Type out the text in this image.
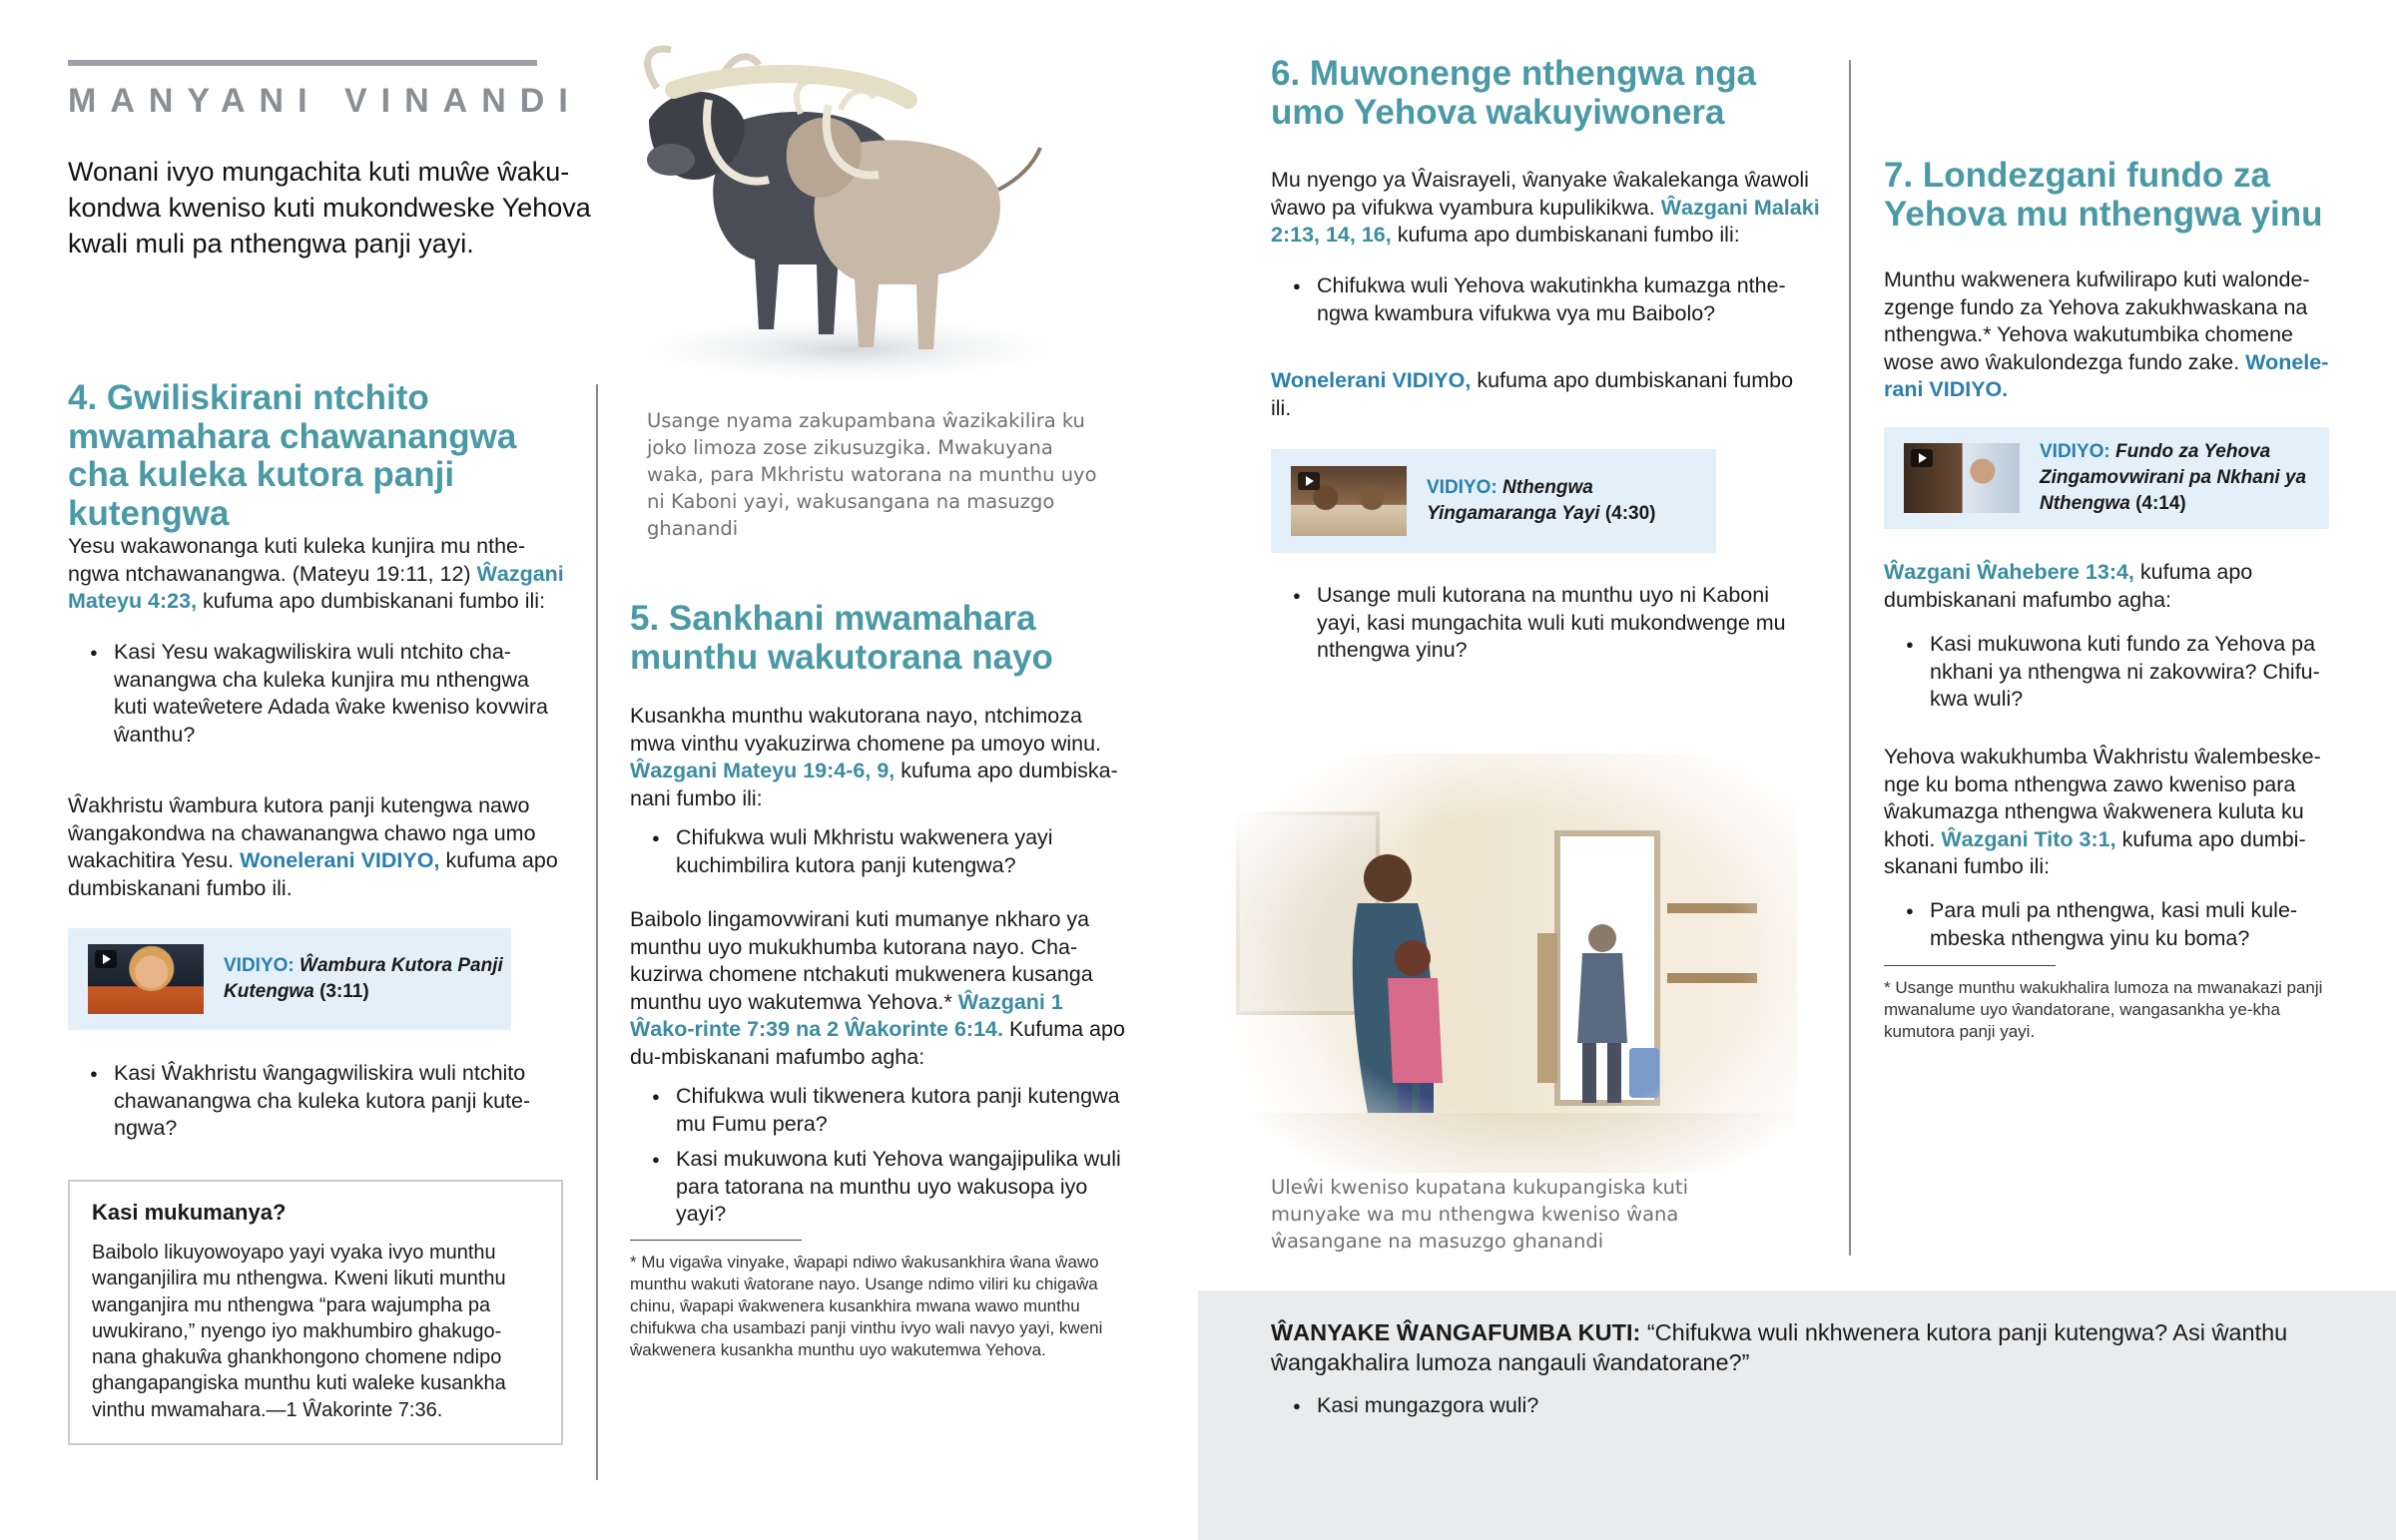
MANYANI VINANDI
Wonani ivyo mungachita kuti muŵe ŵaku-kondwa kweniso kuti mukondweske Yehova kwali muli pa nthengwa panji yayi.
4. Gwiliskirani ntchito mwamahara chawanangwa cha kuleka kutora panji kutengwa
Yesu wakawonanga kuti kuleka kunjira mu nthe-ngwa ntchawanangwa. (Mateyu 19:11, 12) Ŵazgani Mateyu 4:23, kufuma apo dumbiskanani fumbo ili:
● Kasi Yesu wakagwiliskira wuli ntchito cha-wanangwa cha kuleka kunjira mu nthengwa kuti wateŵetere Adada ŵake kweniso kovwira ŵanthu?
Ŵakhristu ŵambura kutora panji kutengwa nawo ŵangakondwa na chawanangwa chawo nga umo wakachitira Yesu. Wonelerani VIDIYO, kufuma apo dumbiskanani fumbo ili.
VIDIYO: Ŵambura Kutora Panji Kutengwa (3:11)
● Kasi Ŵakhristu ŵangagwiliskira wuli ntchito chawanangwa cha kuleka kutora panji kute-ngwa?
Kasi mukumanya?
Baibolo likuyowoyapo yayi vyaka ivyo munthu wanganjilira mu nthengwa. Kweni likuti munthu wanganjira mu nthengwa “para wajumpha pa uwukirano,” nyengo iyo makhumbiro ghakugo-nana ghakuŵa ghankhongono chomene ndipo ghangapangiska munthu kuti waleke kusankha vinthu mwamahara.—1 Ŵakorinte 7:36.
Usange nyama zakupambana ŵazikakilira ku joko limoza zose zikusuzgika. Mwakuyana waka, para Mkhristu watorana na munthu uyo ni Kaboni yayi, wakusangana na masuzgo ghanandi
5. Sankhani mwamahara munthu wakutorana nayo
Kusankha munthu wakutorana nayo, ntchimoza mwa vinthu vyakuzirwa chomene pa umoyo winu. Ŵazgani Mateyu 19:4-6, 9, kufuma apo dumbiska-nani fumbo ili:
● Chifukwa wuli Mkhristu wakwenera yayi kuchimbilira kutora panji kutengwa?
Baibolo lingamovwirani kuti mumanye nkharo ya munthu uyo mukukhumba kutorana nayo. Cha-kuzirwa chomene ntchakuti mukwenera kusanga munthu uyo wakutemwa Yehova.* Ŵazgani 1 Ŵako-rinte 7:39 na 2 Ŵakorinte 6:14. Kufuma apo du-mbiskanani mafumbo agha:
● Chifukwa wuli tikwenera kutora panji kutengwa mu Fumu pera?
● Kasi mukuwona kuti Yehova wangajipulika wuli para tatorana na munthu uyo wakusopa iyo yayi?
* Mu vigaŵa vinyake, ŵapapi ndiwo ŵakusankhira ŵana ŵawo munthu wakuti ŵatorane nayo. Usange ndimo viliri ku chigaŵa chinu, ŵapapi ŵakwenera kusankhira mwana wawo munthu chifukwa cha usambazi panji vinthu ivyo wali navyo yayi, kweni ŵakwenera kusankha munthu uyo wakutemwa Yehova.
6. Muwonenge nthengwa nga umo Yehova wakuyiwonera
Mu nyengo ya Ŵaisrayeli, ŵanyake ŵakalekanga ŵawoli ŵawo pa vifukwa vyambura kupulikikwa. Ŵazgani Malaki 2:13, 14, 16, kufuma apo dumbiskanani fumbo ili:
● Chifukwa wuli Yehova wakutinkha kumazga nthe-ngwa kwambura vifukwa vya mu Baibolo?
Wonelerani VIDIYO, kufuma apo dumbiskanani fumbo ili.
VIDIYO: Nthengwa Yingamaranga Yayi (4:30)
● Usange muli kutorana na munthu uyo ni Kaboni yayi, kasi mungachita wuli kuti mukondwenge mu nthengwa yinu?
Uleŵi kweniso kupatana kukupangiska kuti munyake wa mu nthengwa kweniso ŵana ŵasangane na masuzgo ghanandi
7. Londezgani fundo za Yehova mu nthengwa yinu
Munthu wakwenera kufwilirapo kuti walonde-zgenge fundo za Yehova zakukhwaskana na nthengwa.* Yehova wakutumbika chomene wose awo ŵakulondezga fundo zake. Wonele-rani VIDIYO.
VIDIYO: Fundo za Yehova Zingamovwirani pa Nkhani ya Nthengwa (4:14)
Ŵazgani Ŵahebere 13:4, kufuma apo dumbiskanani mafumbo agha:
● Kasi mukuwona kuti fundo za Yehova pa nkhani ya nthengwa ni zakovwira? Chifu-kwa wuli?
Yehova wakukhumba Ŵakhristu ŵalembeske-nge ku boma nthengwa zawo kweniso para ŵakumazga nthengwa ŵakwenera kuluta ku khoti. Ŵazgani Tito 3:1, kufuma apo dumbi-skanani fumbo ili:
● Para muli pa nthengwa, kasi muli kule-mbeska nthengwa yinu ku boma?
* Usange munthu wakukhalira lumoza na mwanakazi panji mwanalume uyo ŵandatorane, wangasankha ye-kha kumutora panji yayi.
ŴANYAKE ŴANGAFUMBA KUTI: “Chifukwa wuli nkhwenera kutora panji kutengwa? Asi ŵanthu ŵangakhalira lumoza nangauli ŵandatorane?”
● Kasi mungazgora wuli?
